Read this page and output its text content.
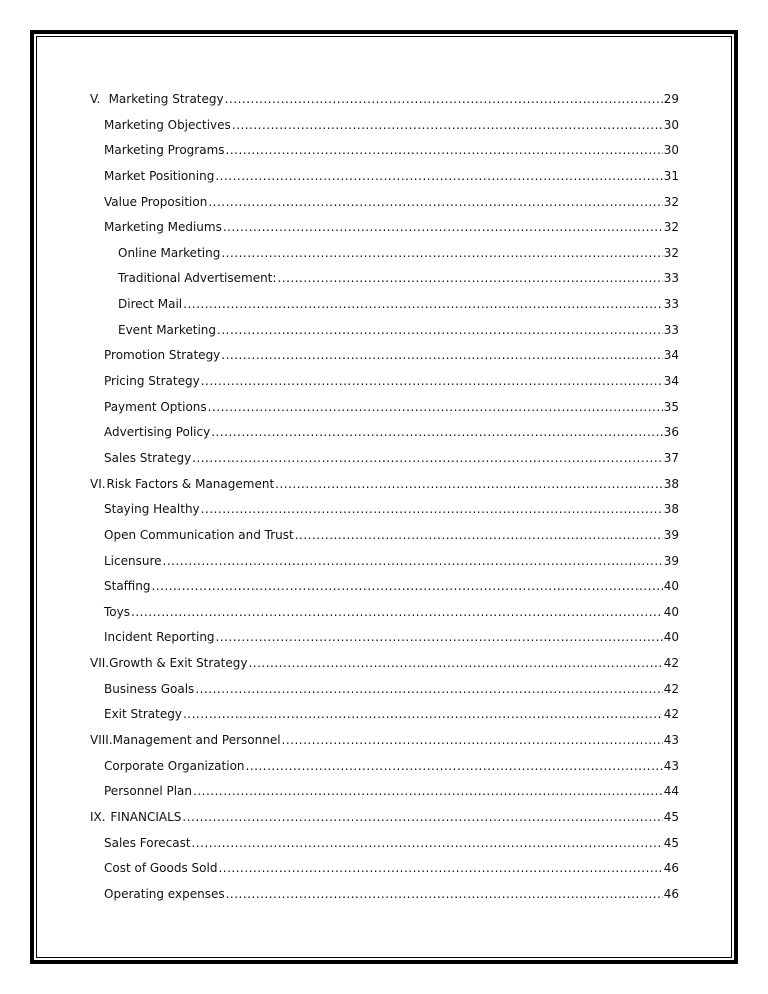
V. Marketing Strategy .....	29
Marketing Objectives .....	30
Marketing Programs .....	30
Market Positioning .....	31
Value Proposition .....	32
Marketing Mediums .....	32
Online Marketing .....	32
Traditional Advertisement: .....	33
Direct Mail .....	33
Event Marketing .....	33
Promotion Strategy .....	34
Pricing Strategy .....	34
Payment Options .....	35
Advertising Policy .....	36
Sales Strategy .....	37
VI. Risk Factors & Management .....	38
Staying Healthy .....	38
Open Communication and Trust .....	39
Licensure .....	39
Staffing .....	40
Toys .....	40
Incident Reporting .....	40
VII. Growth & Exit Strategy .....	42
Business Goals .....	42
Exit Strategy .....	42
VIII. Management and Personnel .....	43
Corporate Organization .....	43
Personnel Plan .....	44
IX. FINANCIALS .....	45
Sales Forecast .....	45
Cost of Goods Sold .....	46
Operating expenses .....	46
